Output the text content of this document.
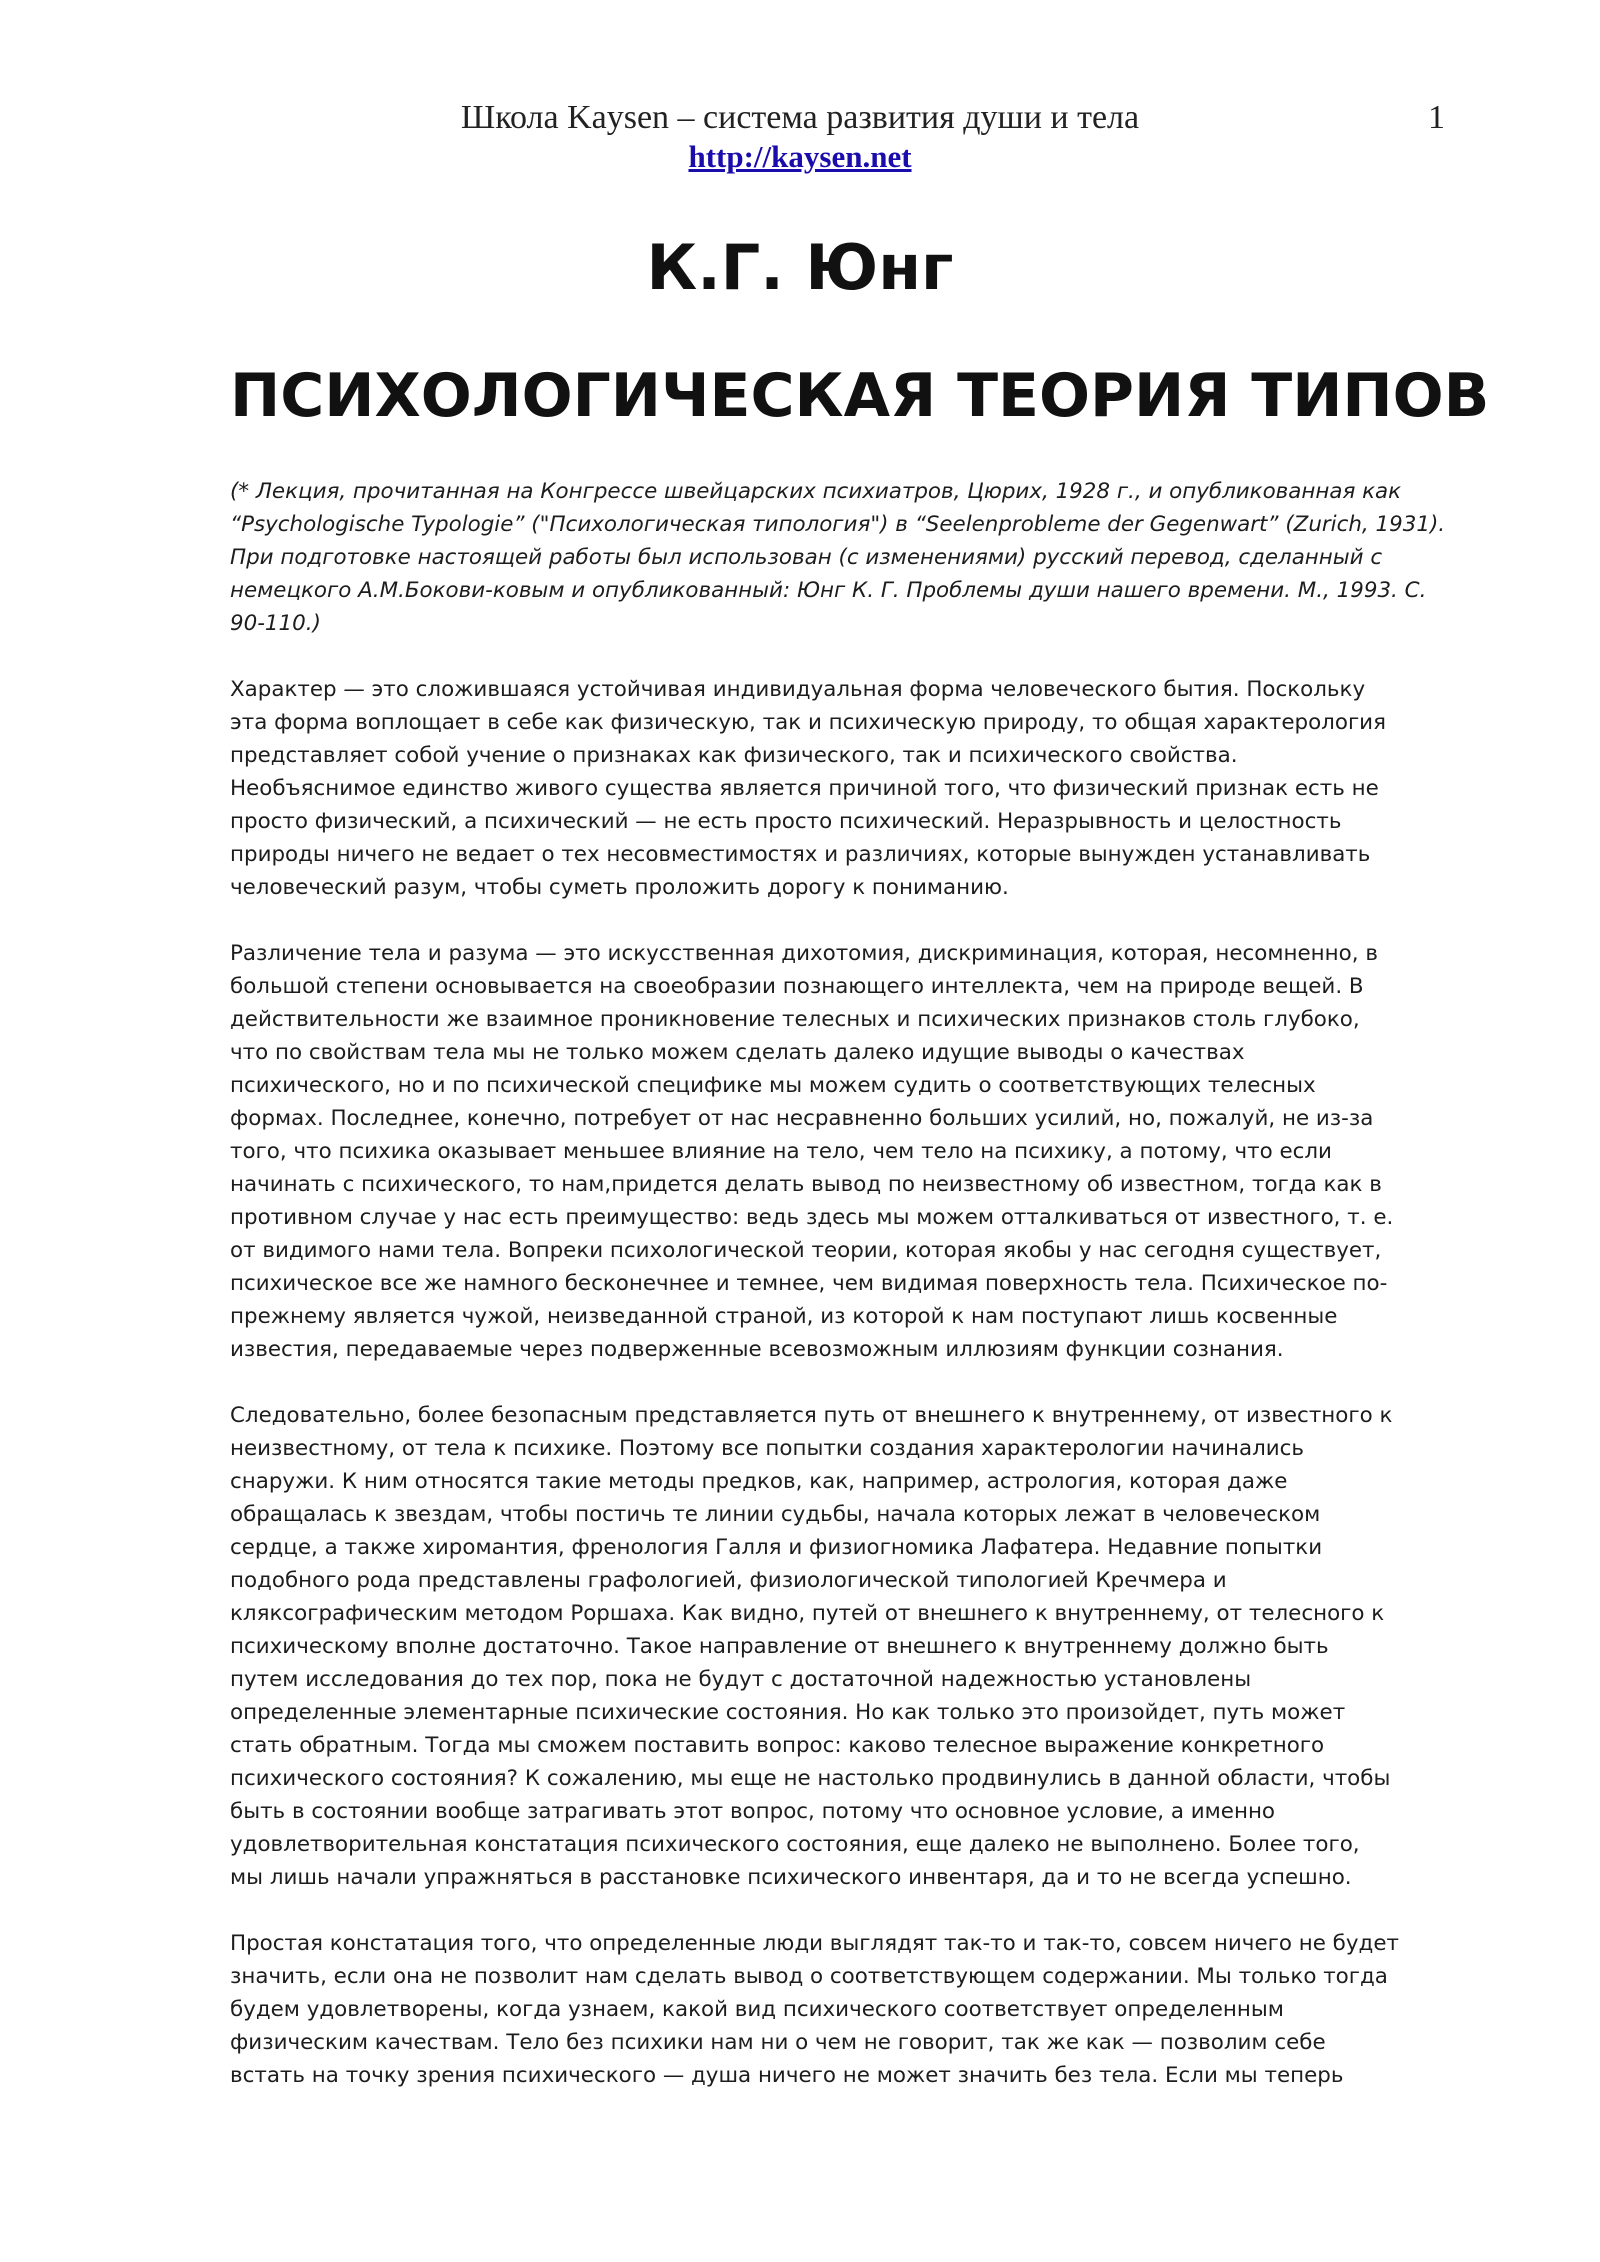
Школа Kaysen – система развития души и тела
http://kaysen.net
1
К.Г. Юнг
ПСИХОЛОГИЧЕСКАЯ ТЕОРИЯ ТИПОВ
(* Лекция, прочитанная на Конгрессе швейцарских психиатров, Цюрих, 1928 г., и опубликованная как
“Psychologische Typologie” ("Психологическая типология") в “Seelenprobleme der Gegenwart” (Zurich, 1931).
При подготовке настоящей работы был использован (с изменениями) русский перевод, сделанный с
немецкого А.М.Бокови-ковым и опубликованный: Юнг К. Г. Проблемы души нашего времени. М., 1993. С.
90-110.)
Характер — это сложившаяся устойчивая индивидуальная форма человеческого бытия. Поскольку
эта форма воплощает в себе как физическую, так и психическую природу, то общая характерология
представляет собой учение о признаках как физического, так и психического свойства.
Необъяснимое единство живого существа является причиной того, что физический признак есть не
просто физический, а психический — не есть просто психический. Неразрывность и целостность
природы ничего не ведает о тех несовместимостях и различиях, которые вынужден устанавливать
человеческий разум, чтобы суметь проложить дорогу к пониманию.
Различение тела и разума — это искусственная дихотомия, дискриминация, которая, несомненно, в
большой степени основывается на своеобразии познающего интеллекта, чем на природе вещей. В
действительности же взаимное проникновение телесных и психических признаков столь глубоко,
что по свойствам тела мы не только можем сделать далеко идущие выводы о качествах
психического, но и по психической специфике мы можем судить о соответствующих телесных
формах. Последнее, конечно, потребует от нас несравненно больших усилий, но, пожалуй, не из-за
того, что психика оказывает меньшее влияние на тело, чем тело на психику, а потому, что если
начинать с психического, то нам,придется делать вывод по неизвестному об известном, тогда как в
противном случае у нас есть преимущество: ведь здесь мы можем отталкиваться от известного, т. е.
от видимого нами тела. Вопреки психологической теории, которая якобы у нас сегодня существует,
психическое все же намного бесконечнее и темнее, чем видимая поверхность тела. Психическое по-
прежнему является чужой, неизведанной страной, из которой к нам поступают лишь косвенные
известия, передаваемые через подверженные всевозможным иллюзиям функции сознания.
Следовательно, более безопасным представляется путь от внешнего к внутреннему, от известного к
неизвестному, от тела к психике. Поэтому все попытки создания характерологии начинались
снаружи. К ним относятся такие методы предков, как, например, астрология, которая даже
обращалась к звездам, чтобы постичь те линии судьбы, начала которых лежат в человеческом
сердце, а также хиромантия, френология Галля и физиогномика Лафатера. Недавние попытки
подобного рода представлены графологией, физиологической типологией Кречмера и
кляксографическим методом Роршаха. Как видно, путей от внешнего к внутреннему, от телесного к
психическому вполне достаточно. Такое направление от внешнего к внутреннему должно быть
путем исследования до тех пор, пока не будут с достаточной надежностью установлены
определенные элементарные психические состояния. Но как только это произойдет, путь может
стать обратным. Тогда мы сможем поставить вопрос: каково телесное выражение конкретного
психического состояния? К сожалению, мы еще не настолько продвинулись в данной области, чтобы
быть в состоянии вообще затрагивать этот вопрос, потому что основное условие, а именно
удовлетворительная констатация психического состояния, еще далеко не выполнено. Более того,
мы лишь начали упражняться в расстановке психического инвентаря, да и то не всегда успешно.
Простая констатация того, что определенные люди выглядят так-то и так-то, совсем ничего не будет
значить, если она не позволит нам сделать вывод о соответствующем содержании. Мы только тогда
будем удовлетворены, когда узнаем, какой вид психического соответствует определенным
физическим качествам. Тело без психики нам ни о чем не говорит, так же как — позволим себе
встать на точку зрения психического — душа ничего не может значить без тела. Если мы теперь
